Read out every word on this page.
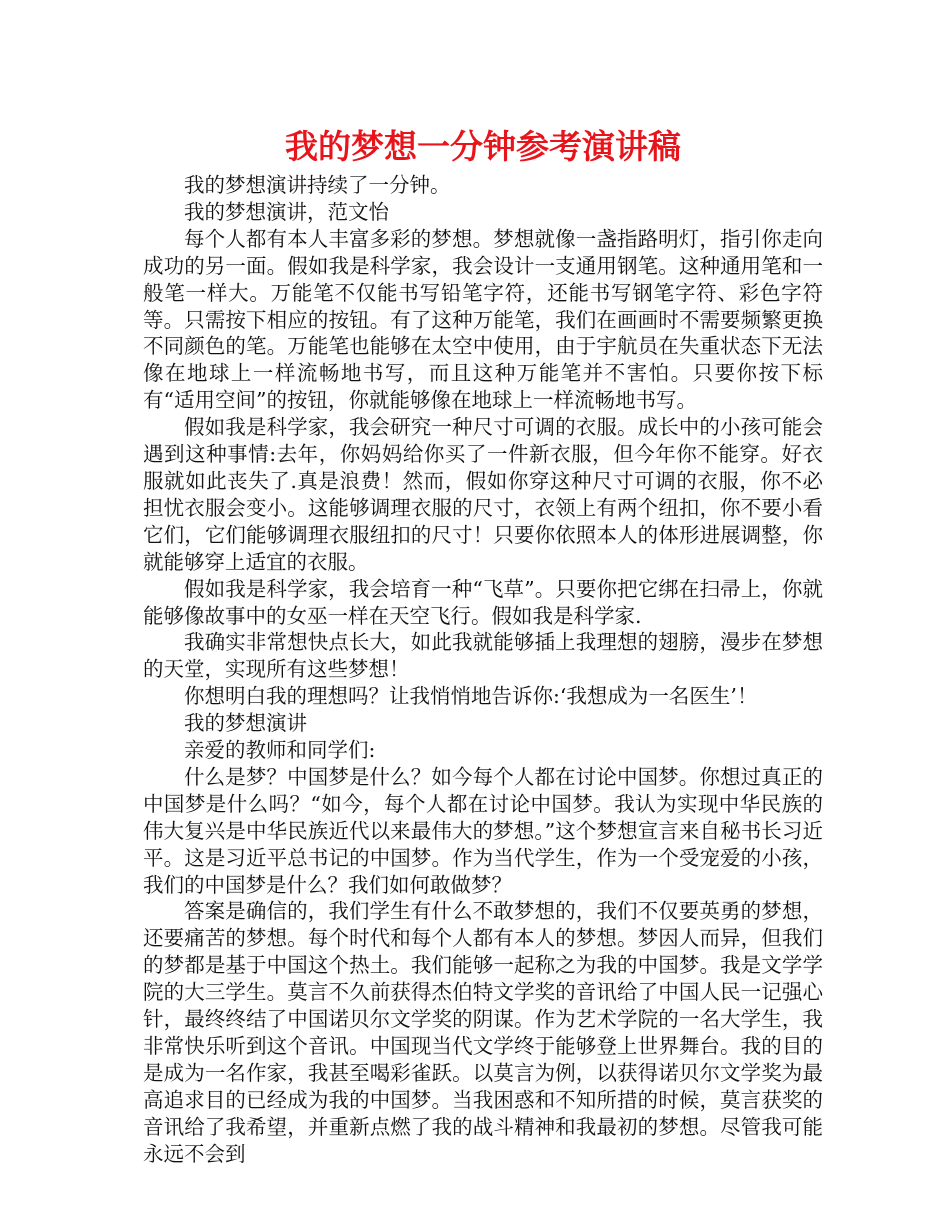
我的梦想一分钟参考演讲稿

我的梦想演讲持续了一分钟。

我的梦想演讲，范文怡

每个人都有本人丰富多彩的梦想。梦想就像一盏指路明灯，指引你走向成功的另一面。假如我是科学家，我会设计一支通用钢笔。这种通用笔和一般笔一样大。万能笔不仅能书写铅笔字符，还能书写钢笔字符、彩色字符等。只需按下相应的按钮。有了这种万能笔，我们在画画时不需要频繁更换不同颜色的笔。万能笔也能够在太空中使用，由于宇航员在失重状态下无法像在地球上一样流畅地书写，而且这种万能笔并不害怕。只要你按下标有“适用空间”的按钮，你就能够像在地球上一样流畅地书写。

假如我是科学家，我会研究一种尺寸可调的衣服。成长中的小孩可能会遇到这种事情:去年，你妈妈给你买了一件新衣服，但今年你不能穿。好衣服就如此丧失了.真是浪费！然而，假如你穿这种尺寸可调的衣服，你不必担忧衣服会变小。这能够调理衣服的尺寸，衣领上有两个纽扣，你不要小看它们，它们能够调理衣服纽扣的尺寸！只要你依照本人的体形进展调整，你就能够穿上适宜的衣服。

假如我是科学家，我会培育一种“飞草”。只要你把它绑在扫帚上，你就能够像故事中的女巫一样在天空飞行。假如我是科学家.

我确实非常想快点长大，如此我就能够插上我理想的翅膀，漫步在梦想的天堂，实现所有这些梦想！

你想明白我的理想吗？让我悄悄地告诉你:‘我想成为一名医生’！

我的梦想演讲

亲爱的教师和同学们:

什么是梦？中国梦是什么？如今每个人都在讨论中国梦。你想过真正的中国梦是什么吗？“如今，每个人都在讨论中国梦。我认为实现中华民族的伟大复兴是中华民族近代以来最伟大的梦想。”这个梦想宣言来自秘书长习近平。这是习近平总书记的中国梦。作为当代学生，作为一个受宠爱的小孩，我们的中国梦是什么？我们如何敢做梦？

答案是确信的，我们学生有什么不敢梦想的，我们不仅要英勇的梦想，还要痛苦的梦想。每个时代和每个人都有本人的梦想。梦因人而异，但我们的梦都是基于中国这个热土。我们能够一起称之为我的中国梦。我是文学学院的大三学生。莫言不久前获得杰伯特文学奖的音讯给了中国人民一记强心针，最终终结了中国诺贝尔文学奖的阴谋。作为艺术学院的一名大学生，我非常快乐听到这个音讯。中国现当代文学终于能够登上世界舞台。我的目的是成为一名作家，我甚至喝彩雀跃。以莫言为例，以获得诺贝尔文学奖为最高追求目的已经成为我的中国梦。当我困惑和不知所措的时候，莫言获奖的音讯给了我希望，并重新点燃了我的战斗精神和我最初的梦想。尽管我可能永远不会到
